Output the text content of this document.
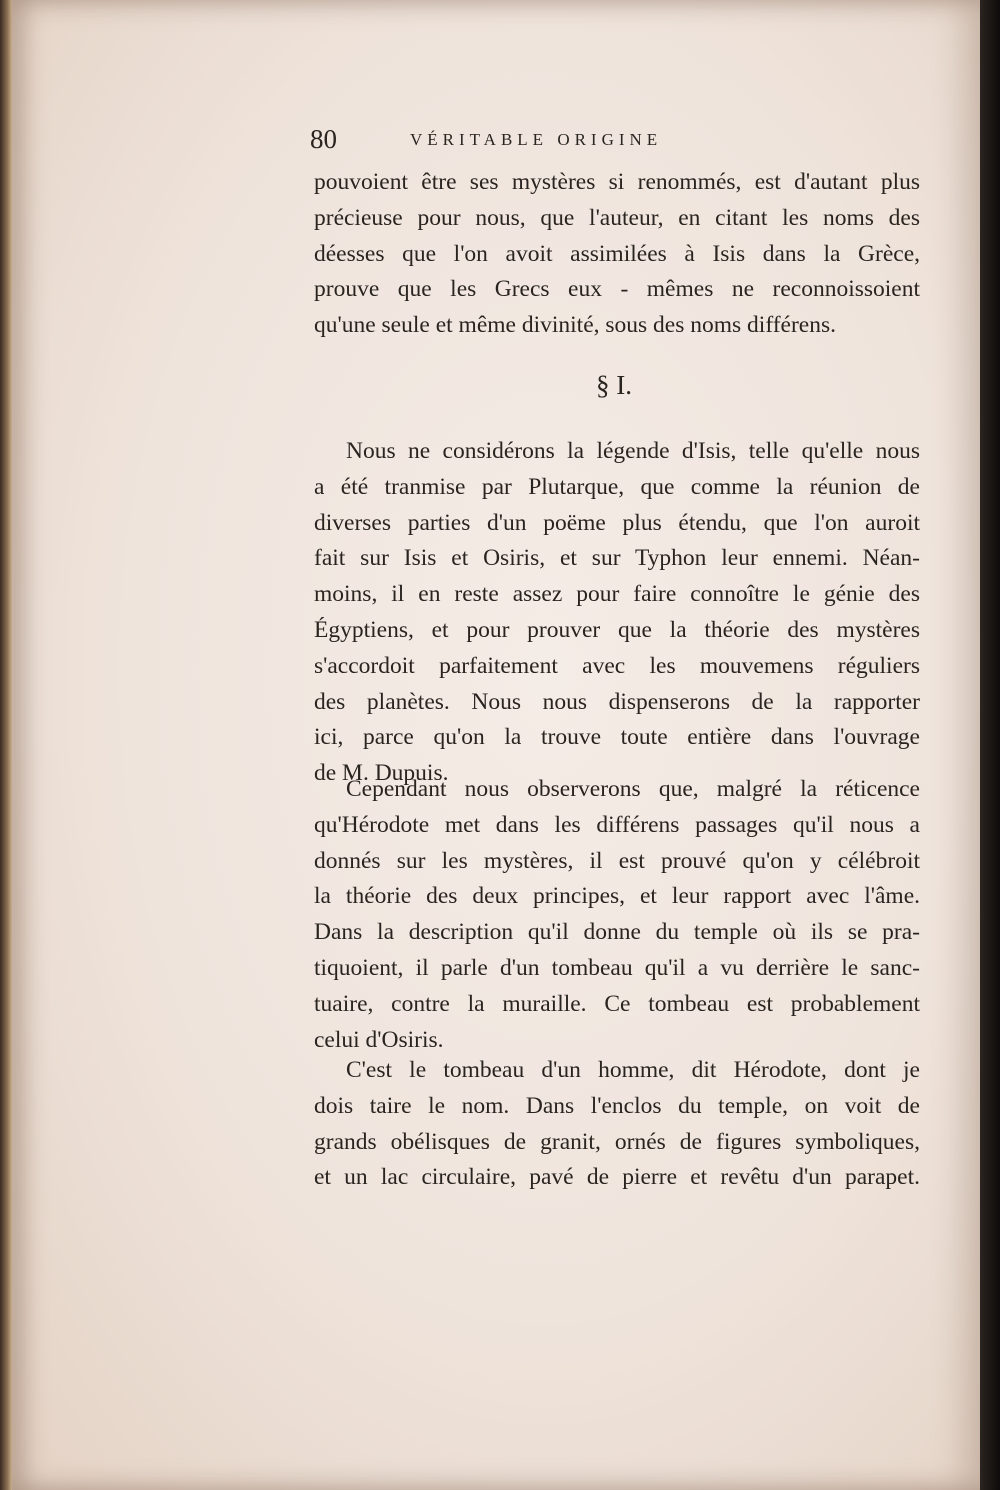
80	VÉRITABLE ORIGINE
pouvoient être ses mystères si renommés, est d'autant plus
précieuse pour nous, que l'auteur, en citant les noms des
déesses que l'on avoit assimilées à Isis dans la Grèce,
prouve que les Grecs eux - mêmes ne reconnoissoient
qu'une seule et même divinité, sous des noms différens.
§ I.
Nous ne considérons la légende d'Isis, telle qu'elle nous
a été tranmise par Plutarque, que comme la réunion de
diverses parties d'un poëme plus étendu, que l'on auroit
fait sur Isis et Osiris, et sur Typhon leur ennemi. Néan-
moins, il en reste assez pour faire connoître le génie des
Égyptiens, et pour prouver que la théorie des mystères
s'accordoit parfaitement avec les mouvemens réguliers
des planètes. Nous nous dispenserons de la rapporter
ici, parce qu'on la trouve toute entière dans l'ouvrage
de M. Dupuis.
Cependant nous observerons que, malgré la réticence
qu'Hérodote met dans les différens passages qu'il nous a
donnés sur les mystères, il est prouvé qu'on y célébroit
la théorie des deux principes, et leur rapport avec l'âme.
Dans la description qu'il donne du temple où ils se pra-
tiquoient, il parle d'un tombeau qu'il a vu derrière le sanc-
tuaire, contre la muraille. Ce tombeau est probablement
celui d'Osiris.
C'est le tombeau d'un homme, dit Hérodote, dont je
dois taire le nom. Dans l'enclos du temple, on voit de
grands obélisques de granit, ornés de figures symboliques,
et un lac circulaire, pavé de pierre et revêtu d'un parapet.
